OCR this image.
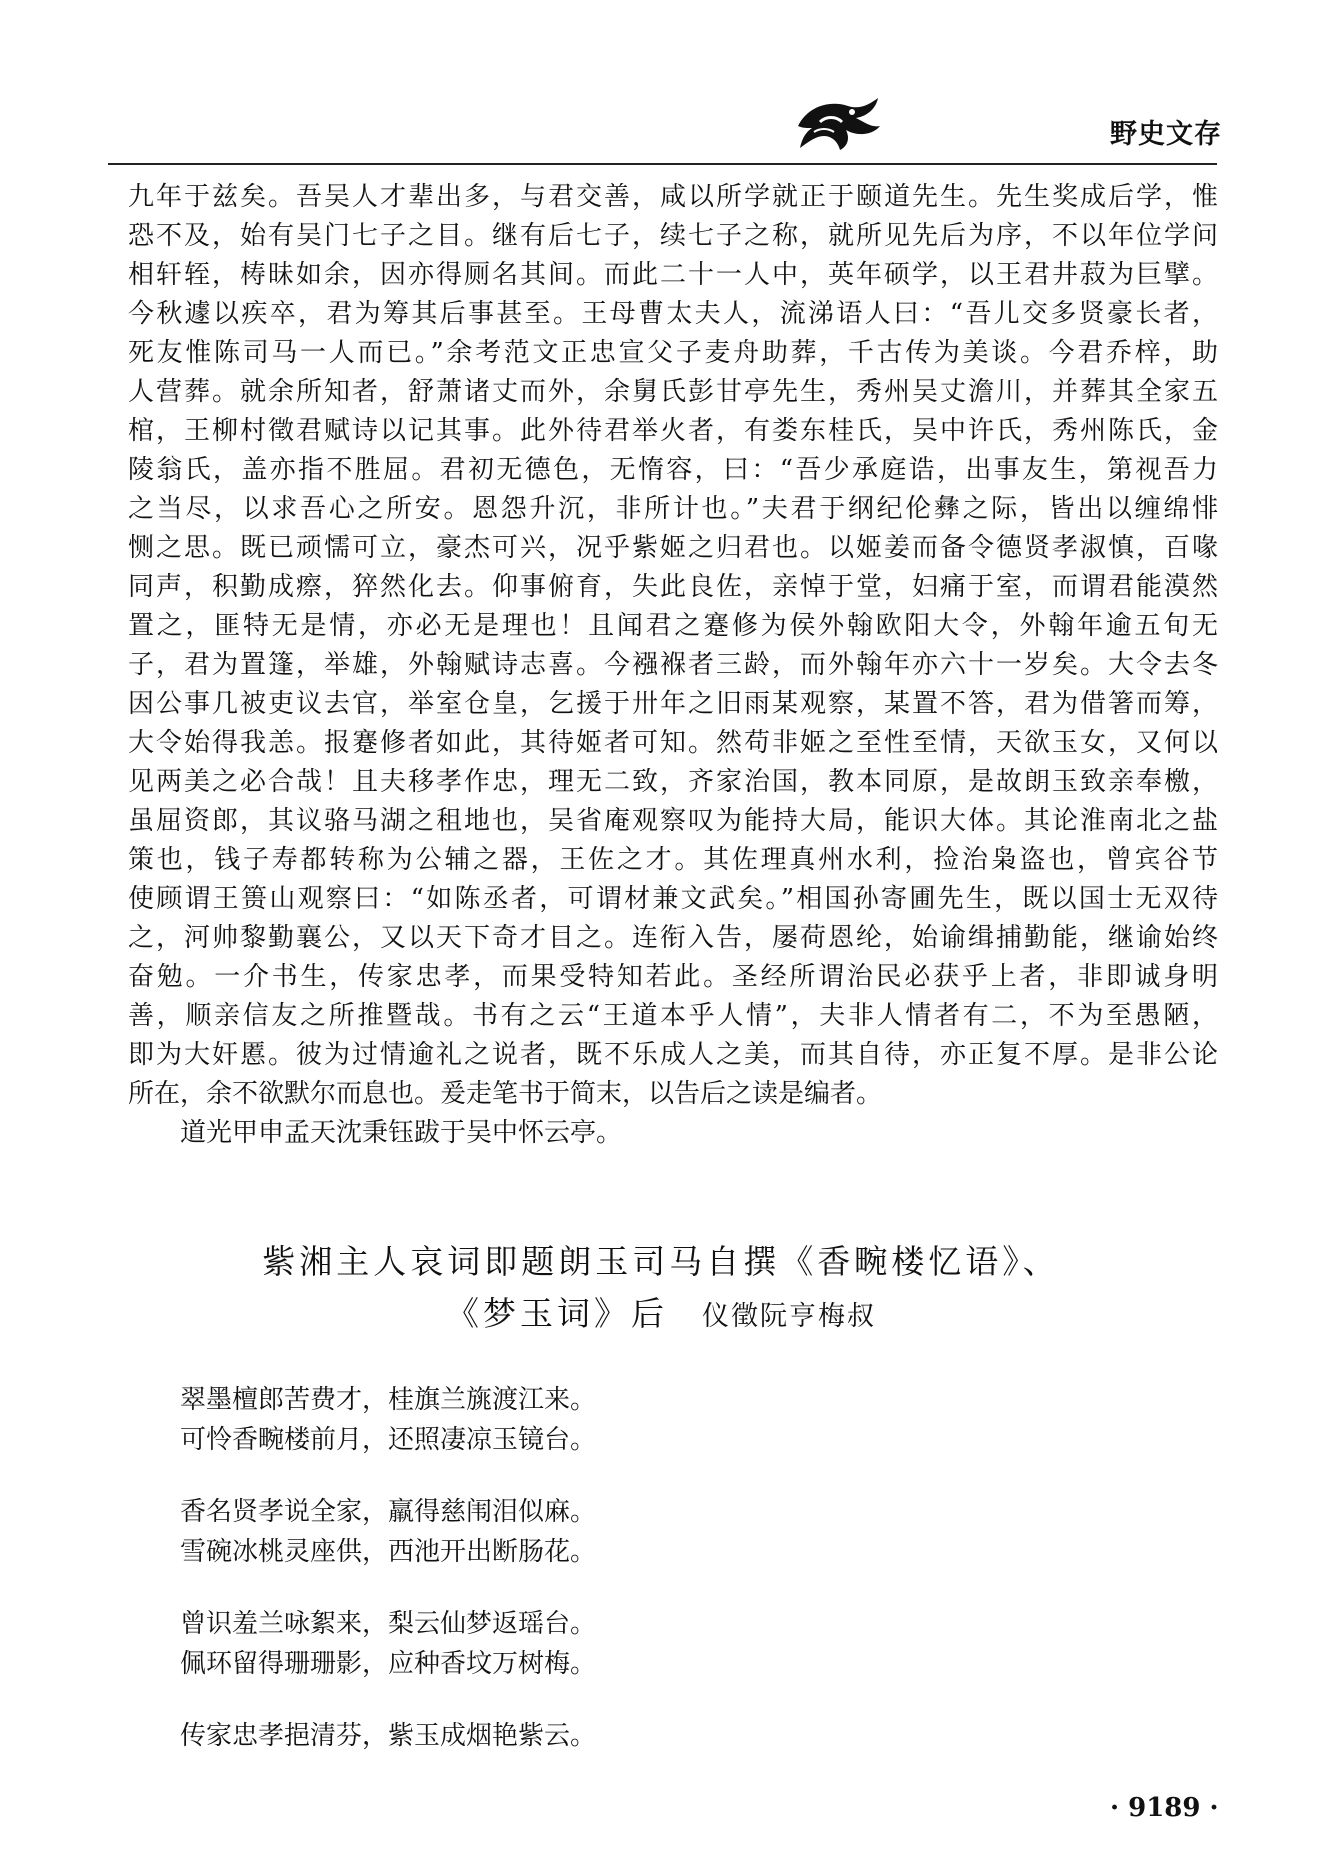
野史文存
九年于兹矣。吾吴人才辈出多，与君交善，咸以所学就正于颐道先生。先生奖成后学，惟
恐不及，始有吴门七子之目。继有后七子，续七子之称，就所见先后为序，不以年位学问
相轩轾，梼昧如余，因亦得厕名其间。而此二十一人中，英年硕学，以王君井菽为巨擘。
今秋遽以疾卒，君为筹其后事甚至。王母曹太夫人，流涕语人曰：“吾儿交多贤豪长者，
死友惟陈司马一人而已。”余考范文正忠宣父子麦舟助葬，千古传为美谈。今君乔梓，助
人营葬。就余所知者，舒萧诸丈而外，余舅氏彭甘亭先生，秀州吴丈澹川，并葬其全家五
棺，王柳村徵君赋诗以记其事。此外待君举火者，有娄东桂氏，吴中许氏，秀州陈氏，金
陵翁氏，盖亦指不胜屈。君初无德色，无惰容，曰：“吾少承庭诰，出事友生，第视吾力
之当尽，以求吾心之所安。恩怨升沉，非所计也。”夫君于纲纪伦彝之际，皆出以缠绵悱
恻之思。既已顽懦可立，豪杰可兴，况乎紫姬之归君也。以姬姜而备令德贤孝淑慎，百喙
同声，积勤成瘵，猝然化去。仰事俯育，失此良佐，亲悼于堂，妇痛于室，而谓君能漠然
置之，匪特无是情，亦必无是理也！且闻君之蹇修为侯外翰欧阳大令，外翰年逾五旬无
子，君为置篷，举雄，外翰赋诗志喜。今襁褓者三龄，而外翰年亦六十一岁矣。大令去冬
因公事几被吏议去官，举室仓皇，乞援于卅年之旧雨某观察，某置不答，君为借箸而筹，
大令始得我恙。报蹇修者如此，其待姬者可知。然苟非姬之至性至情，天欲玉女，又何以
见两美之必合哉！且夫移孝作忠，理无二致，齐家治国，教本同原，是故朗玉致亲奉檄，
虽屈资郎，其议骆马湖之租地也，吴省庵观察叹为能持大局，能识大体。其论淮南北之盐
策也，钱子寿都转称为公辅之器，王佐之才。其佐理真州水利，捡治枭盗也，曾宾谷节
使顾谓王篑山观察曰：“如陈丞者，可谓材兼文武矣。”相国孙寄圃先生，既以国士无双待
之，河帅黎勤襄公，又以天下奇才目之。连衔入告，屡荷恩纶，始谕缉捕勤能，继谕始终
奋勉。一介书生，传家忠孝，而果受特知若此。圣经所谓治民必获乎上者，非即诚身明
善，顺亲信友之所推暨哉。书有之云“王道本乎人情”，夫非人情者有二，不为至愚陋，
即为大奸慝。彼为过情逾礼之说者，既不乐成人之美，而其自待，亦正复不厚。是非公论
所在，余不欲默尔而息也。爰走笔书于简末，以告后之读是编者。
道光甲申孟天沈秉钰跋于吴中怀云亭。
紫湘主人哀词即题朗玉司马自撰《香畹楼忆语》、
《梦玉词》后 仪徵阮亨梅叔
翠墨檀郎苦费才，桂旗兰旐渡江来。
可怜香畹楼前月，还照凄凉玉镜台。
香名贤孝说全家，羸得慈闱泪似麻。
雪碗冰桃灵座供，西池开出断肠花。
曾识羞兰咏絮来，梨云仙梦返瑶台。
佩环留得珊珊影，应种香坟万树梅。
传家忠孝挹清芬，紫玉成烟艳紫云。
· 9189 ·
